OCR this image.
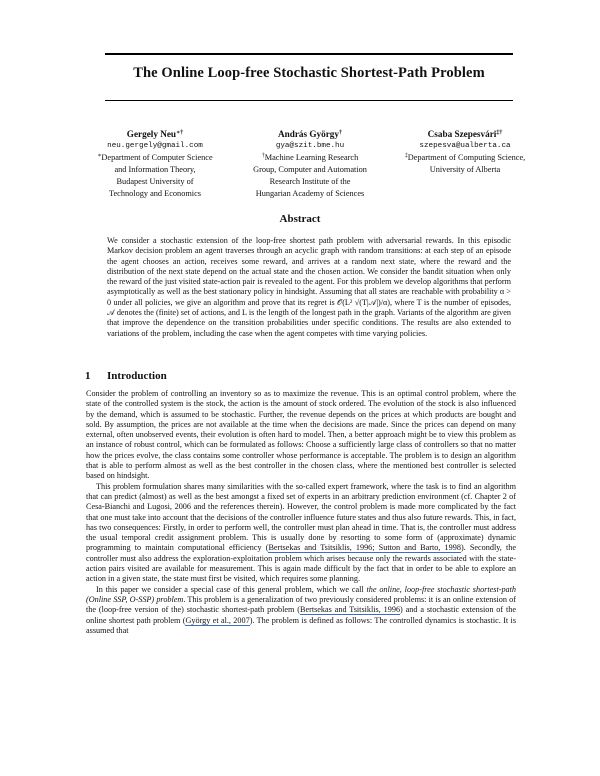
The Online Loop-free Stochastic Shortest-Path Problem
Gergely Neu∗†
neu.gergely@gmail.com
∗Department of Computer Science
and Information Theory,
Budapest University of
Technology and Economics
András György†
gya@szit.bme.hu
†Machine Learning Research
Group, Computer and Automation
Research Institute of the
Hungarian Academy of Sciences
Csaba Szepesvári‡†
szepesva@ualberta.ca
‡Department of Computing Science,
University of Alberta
Abstract
We consider a stochastic extension of the loop-free shortest path problem with adversarial rewards. In this episodic Markov decision problem an agent traverses through an acyclic graph with random transitions: at each step of an episode the agent chooses an action, receives some reward, and arrives at a random next state, where the reward and the distribution of the next state depend on the actual state and the chosen action. We consider the bandit situation when only the reward of the just visited state-action pair is revealed to the agent. For this problem we develop algorithms that perform asymptotically as well as the best stationary policy in hindsight. Assuming that all states are reachable with probability α > 0 under all policies, we give an algorithm and prove that its regret is 𝒪(L² √(T|𝒜|)/α), where T is the number of episodes, 𝒜 denotes the (finite) set of actions, and L is the length of the longest path in the graph. Variants of the algorithm are given that improve the dependence on the transition probabilities under specific conditions. The results are also extended to variations of the problem, including the case when the agent competes with time varying policies.
1 Introduction

Consider the problem of controlling an inventory so as to maximize the revenue. This is an optimal control problem, where the state of the controlled system is the stock, the action is the amount of stock ordered. The evolution of the stock is also influenced by the demand, which is assumed to be stochastic. Further, the revenue depends on the prices at which products are bought and sold. By assumption, the prices are not available at the time when the decisions are made. Since the prices can depend on many external, often unobserved events, their evolution is often hard to model. Then, a better approach might be to view this problem as an instance of robust control, which can be formulated as follows: Choose a sufficiently large class of controllers so that no matter how the prices evolve, the class contains some controller whose performance is acceptable. The problem is to design an algorithm that is able to perform almost as well as the best controller in the chosen class, where the mentioned best controller is selected based on hindsight.

This problem formulation shares many similarities with the so-called expert framework, where the task is to find an algorithm that can predict (almost) as well as the best amongst a fixed set of experts in an arbitrary prediction environment (cf. Chapter 2 of Cesa-Bianchi and Lugosi, 2006 and the references therein). However, the control problem is made more complicated by the fact that one must take into account that the decisions of the controller influence future states and thus also future rewards. This, in fact, has two consequences: Firstly, in order to perform well, the controller must plan ahead in time. That is, the controller must address the usual temporal credit assignment problem. This is usually done by resorting to some form of (approximate) dynamic programming to maintain computational efficiency (Bertsekas and Tsitsiklis, 1996; Sutton and Barto, 1998). Secondly, the controller must also address the exploration-exploitation problem which arises because only the rewards associated with the state-action pairs visited are available for measurement. This is again made difficult by the fact that in order to be able to explore an action in a given state, the state must first be visited, which requires some planning.

In this paper we consider a special case of this general problem, which we call the online, loop-free stochastic shortest-path (Online SSP, O-SSP) problem. This problem is a generalization of two previously considered problems: it is an online extension of the (loop-free version of the) stochastic shortest-path problem (Bertsekas and Tsitsiklis, 1996) and a stochastic extension of the online shortest path problem (György et al., 2007). The problem is defined as follows: The controlled dynamics is stochastic. It is assumed that
